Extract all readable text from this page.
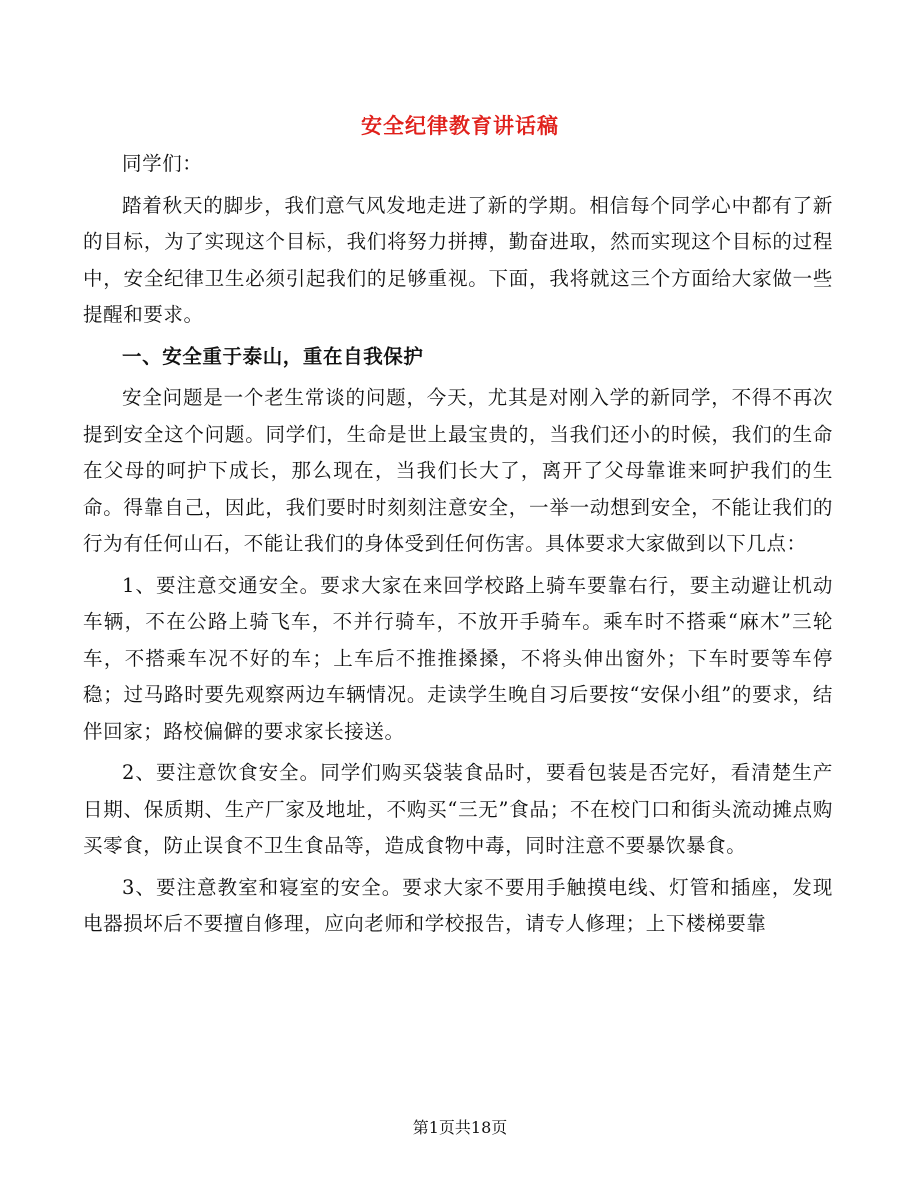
安全纪律教育讲话稿

同学们：

踏着秋天的脚步，我们意气风发地走进了新的学期。相信每个同学心中都有了新的目标，为了实现这个目标，我们将努力拼搏，勤奋进取，然而实现这个目标的过程中，安全纪律卫生必须引起我们的足够重视。下面，我将就这三个方面给大家做一些提醒和要求。

一、安全重于泰山，重在自我保护

安全问题是一个老生常谈的问题，今天，尤其是对刚入学的新同学，不得不再次提到安全这个问题。同学们，生命是世上最宝贵的，当我们还小的时候，我们的生命在父母的呵护下成长，那么现在，当我们长大了，离开了父母靠谁来呵护我们的生命。得靠自己，因此，我们要时时刻刻注意安全，一举一动想到安全，不能让我们的行为有任何山石，不能让我们的身体受到任何伤害。具体要求大家做到以下几点：

1、要注意交通安全。要求大家在来回学校路上骑车要靠右行，要主动避让机动车辆，不在公路上骑飞车，不并行骑车，不放开手骑车。乘车时不搭乘“麻木”三轮车，不搭乘车况不好的车；上车后不推推搡搡，不将头伸出窗外；下车时要等车停稳；过马路时要先观察两边车辆情况。走读学生晚自习后要按“安保小组”的要求，结伴回家；路校偏僻的要求家长接送。

2、要注意饮食安全。同学们购买袋装食品时，要看包装是否完好，看清楚生产日期、保质期、生产厂家及地址，不购买“三无”食品；不在校门口和街头流动摊点购买零食，防止误食不卫生食品等，造成食物中毒，同时注意不要暴饮暴食。

3、要注意教室和寝室的安全。要求大家不要用手触摸电线、灯管和插座，发现电器损坏后不要擅自修理，应向老师和学校报告，请专人修理；上下楼梯要靠

第1页共18页
